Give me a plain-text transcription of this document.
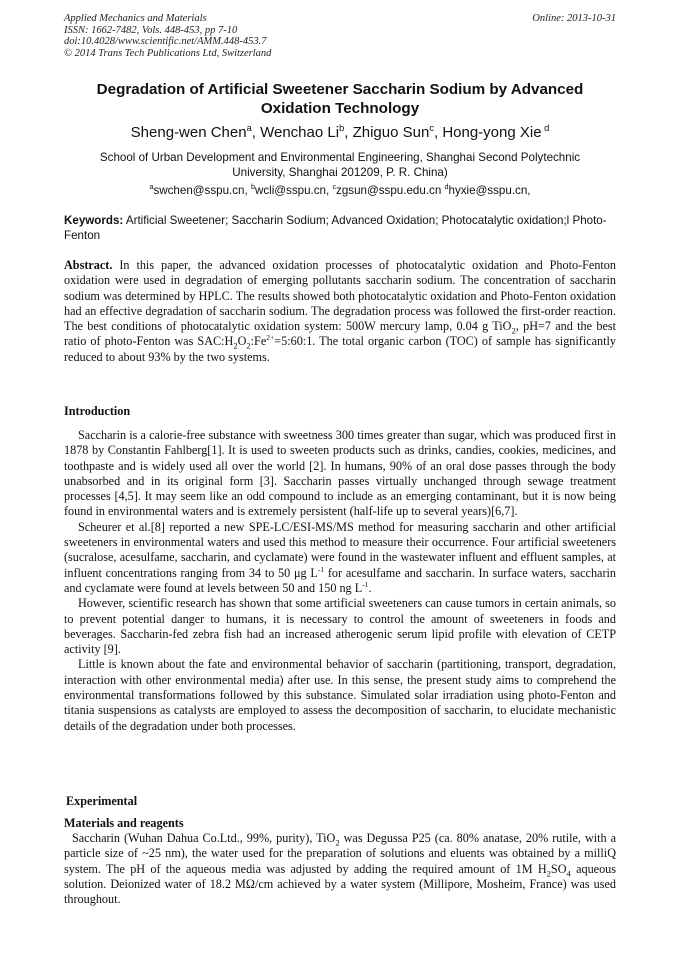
Applied Mechanics and Materials
ISSN: 1662-7482, Vols. 448-453, pp 7-10
doi:10.4028/www.scientific.net/AMM.448-453.7
© 2014 Trans Tech Publications Ltd, Switzerland
Online: 2013-10-31
Degradation of Artificial Sweetener Saccharin Sodium by Advanced
Oxidation Technology
Sheng-wen Chen$^a$, Wenchao Li$^b$, Zhiguo Sun$^c$, Hong-yong Xie $^d$
School of Urban Development and Environmental Engineering, Shanghai Second Polytechnic
University, Shanghai 201209, P. R. China)
$^a$swchen@sspu.cn, $^b$wcli@sspu.cn, $^c$zgsun@sspu.edu.cn $^d$hyxie@sspu.cn,
Keywords: Artificial Sweetener; Saccharin Sodium; Advanced Oxidation; Photocatalytic oxidation;l Photo-Fenton
Abstract. In this paper, the advanced oxidation processes of photocatalytic oxidation and Photo-Fenton oxidation were used in degradation of emerging pollutants saccharin sodium. The concentration of saccharin sodium was determined by HPLC. The results showed both photocatalytic oxidation and Photo-Fenton oxidation had an effective degradation of saccharin sodium. The degradation process was followed the first-order reaction. The best conditions of photocatalytic oxidation system: 500W mercury lamp, 0.04 g TiO$_2$, pH=7 and the best ratio of photo-Fenton was $SAC:H_2O_2:Fe^{2+}=5:60:1$. The total organic carbon (TOC) of sample has significantly reduced to about 93% by the two systems.
Introduction

Saccharin is a calorie-free substance with sweetness 300 times greater than sugar, which was produced first in 1878 by Constantin Fahlberg[1]. It is used to sweeten products such as drinks, candies, cookies, medicines, and toothpaste and is widely used all over the world [2]. In humans, 90% of an oral dose passes through the body unabsorbed and in its original form [3]. Saccharin passes virtually unchanged through sewage treatment processes [4,5]. It may seem like an odd compound to include as an emerging contaminant, but it is now being found in environmental waters and is extremely persistent (half-life up to several years)[6,7].

Scheurer et al.[8] reported a new SPE-LC/ESI-MS/MS method for measuring saccharin and other artificial sweeteners in environmental waters and used this method to measure their occurrence. Four artificial sweeteners (sucralose, acesulfame, saccharin, and cyclamate) were found in the wastewater influent and effluent samples, at influent concentrations ranging from 34 to 50 μg $L^{-1}$ for acesulfame and saccharin. In surface waters, saccharin and cyclamate were found at levels between 50 and 150 ng $L^{-1}$.

However, scientific research has shown that some artificial sweeteners can cause tumors in certain animals, so to prevent potential danger to humans, it is necessary to control the amount of sweeteners in foods and beverages. Saccharin-fed zebra fish had an increased atherogenic serum lipid profile with elevation of CETP activity [9].

Little is known about the fate and environmental behavior of saccharin (partitioning, transport, degradation, interaction with other environmental media) after use. In this sense, the present study aims to comprehend the environmental transformations followed by this substance. Simulated solar irradiation using photo-Fenton and titania suspensions as catalysts are employed to assess the decomposition of saccharin, to elucidate mechanistic details of the degradation under both processes.

Experimental
Materials and reagents

Saccharin (Wuhan Dahua Co.Ltd., 99%, purity), TiO$_2$ was Degussa P25 (ca. 80% anatase, 20% rutile, with a particle size of ~25 nm), the water used for the preparation of solutions and eluents was obtained by a milliQ system. The pH of the aqueous media was adjusted by adding the required amount of 1M $H_2SO_4$ aqueous solution. Deionized water of 18.2 MΩ/cm achieved by a water system (Millipore, Mosheim, France) was used throughout.
